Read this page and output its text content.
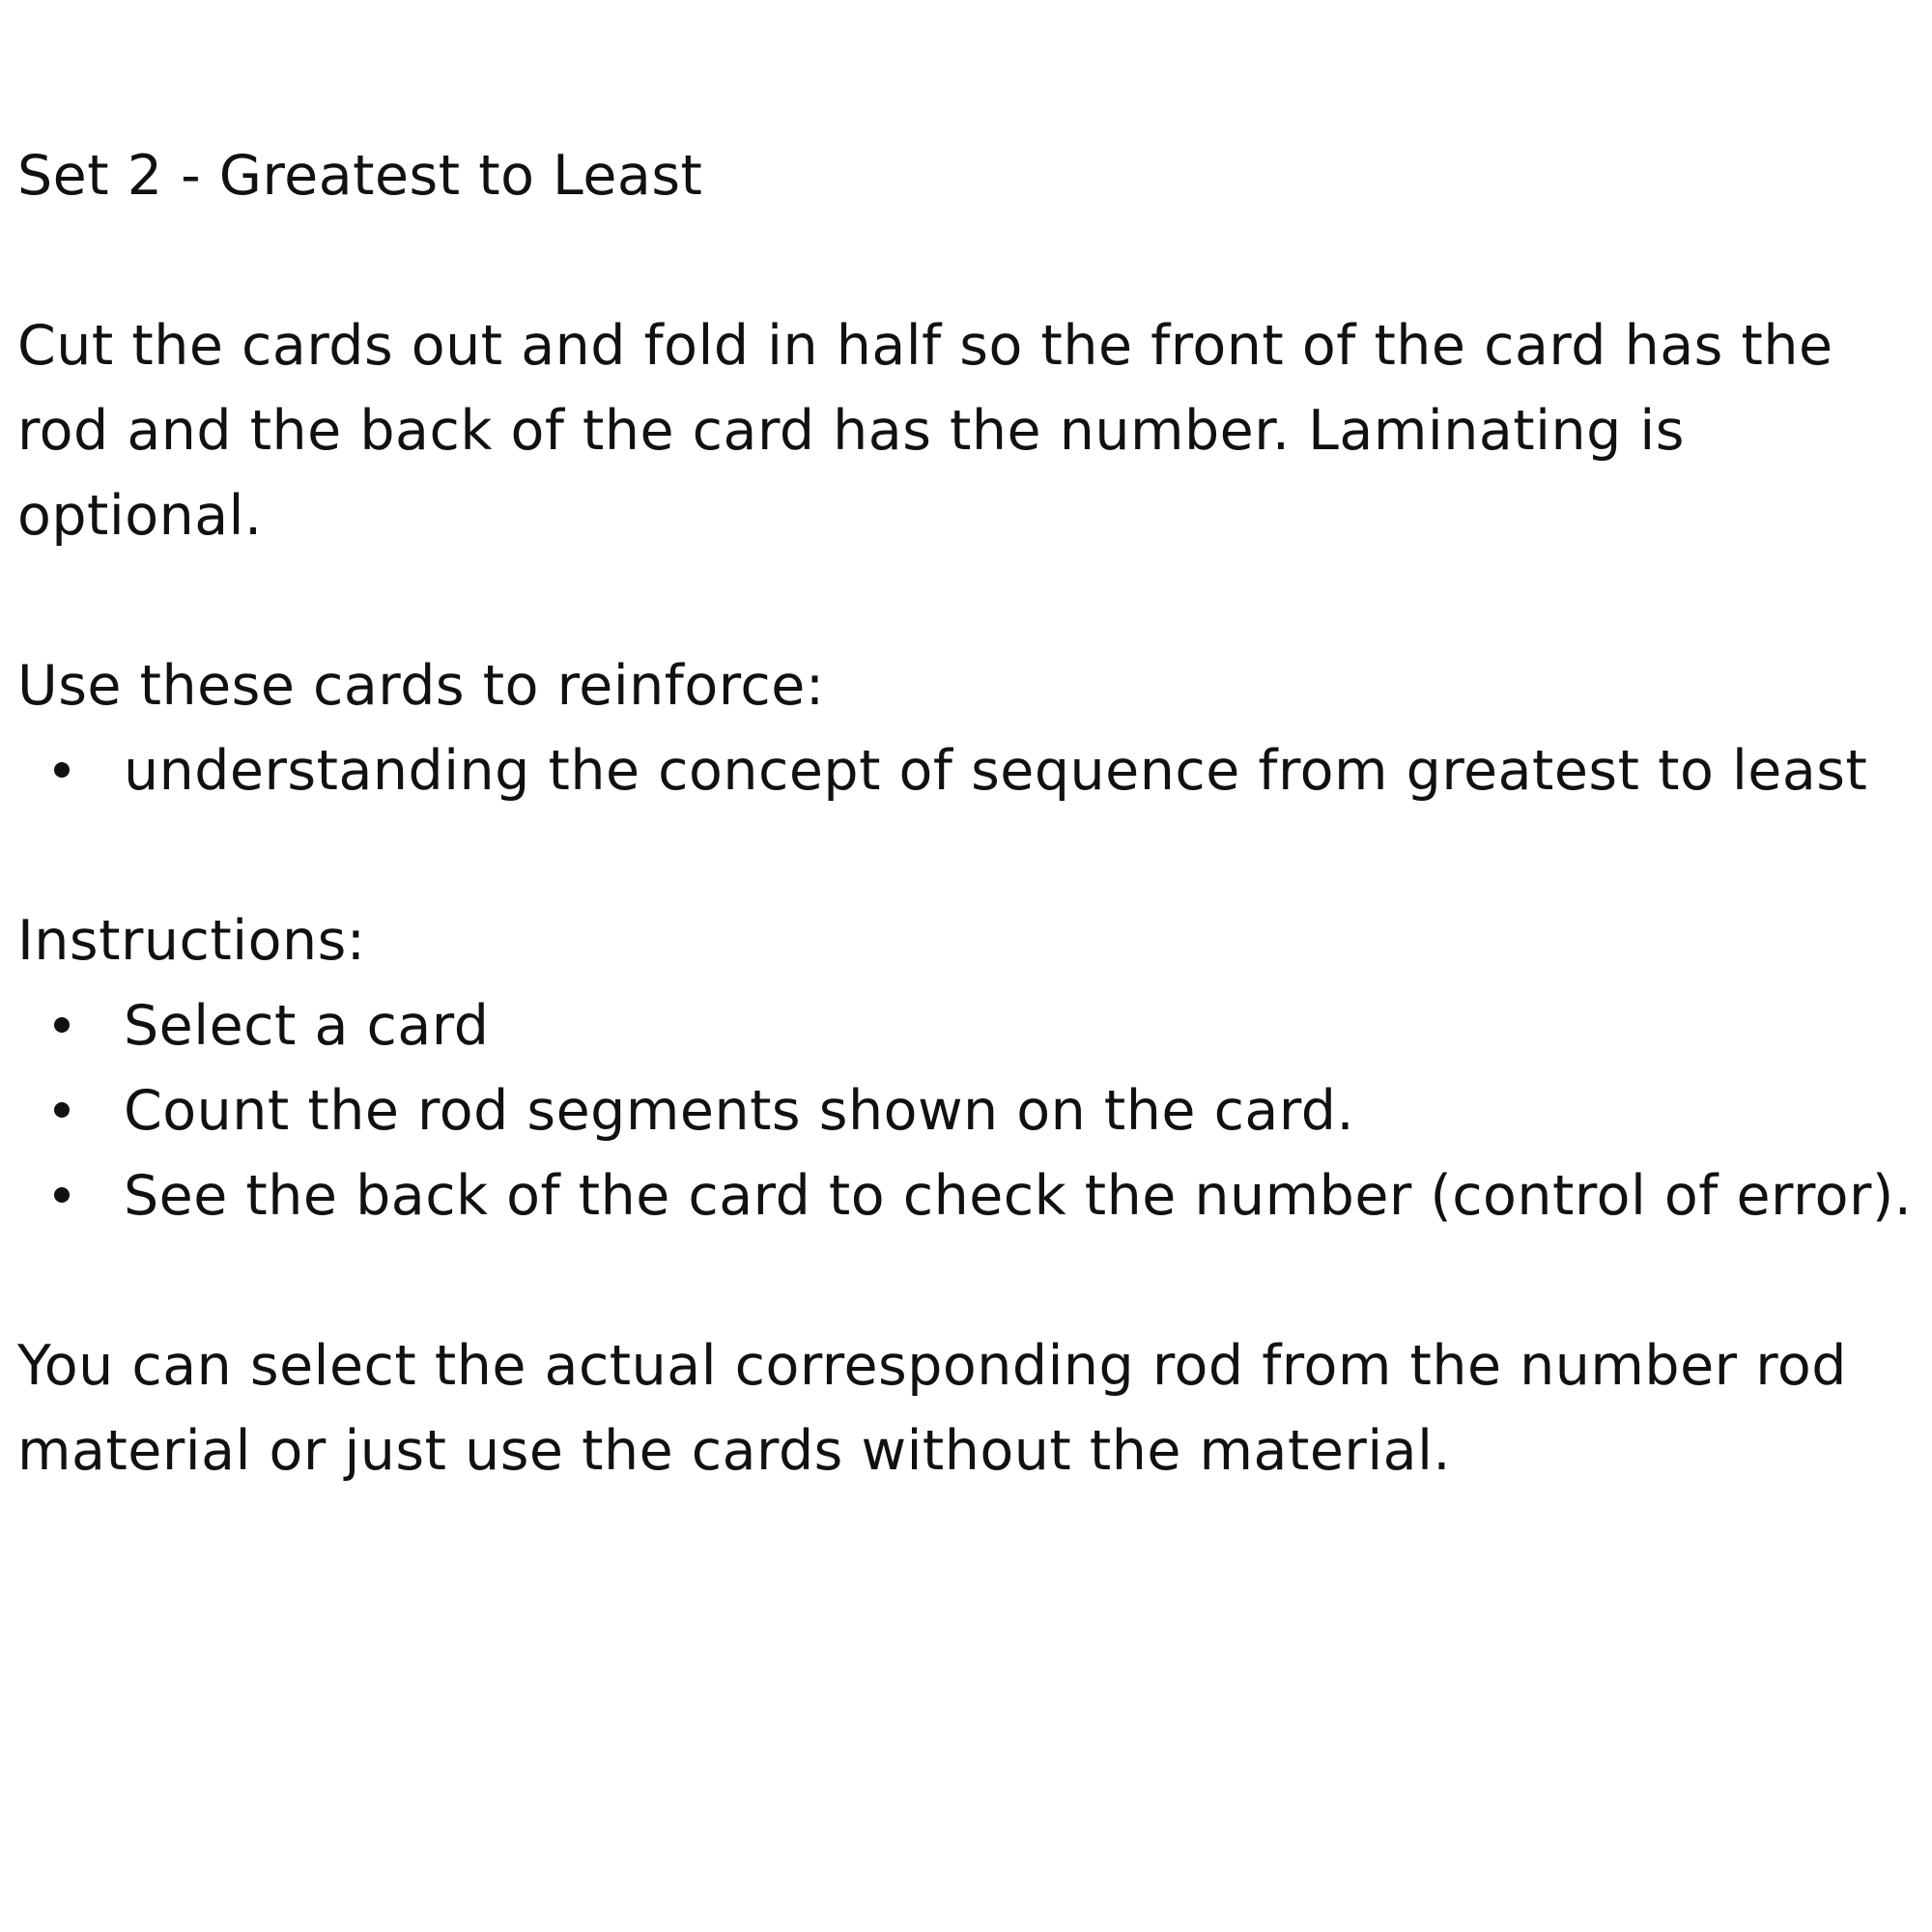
Set 2 - Greatest to Least

Cut the cards out and fold in half so the front of the card has the rod and the back of the card has the number. Laminating is optional.

Use these cards to reinforce:

understanding the concept of sequence from greatest to least

Instructions:

Select a card
Count the rod segments shown on the card.
See the back of the card to check the number (control of error).

You can select the actual corresponding rod from the number rod material or just use the cards without the material.
